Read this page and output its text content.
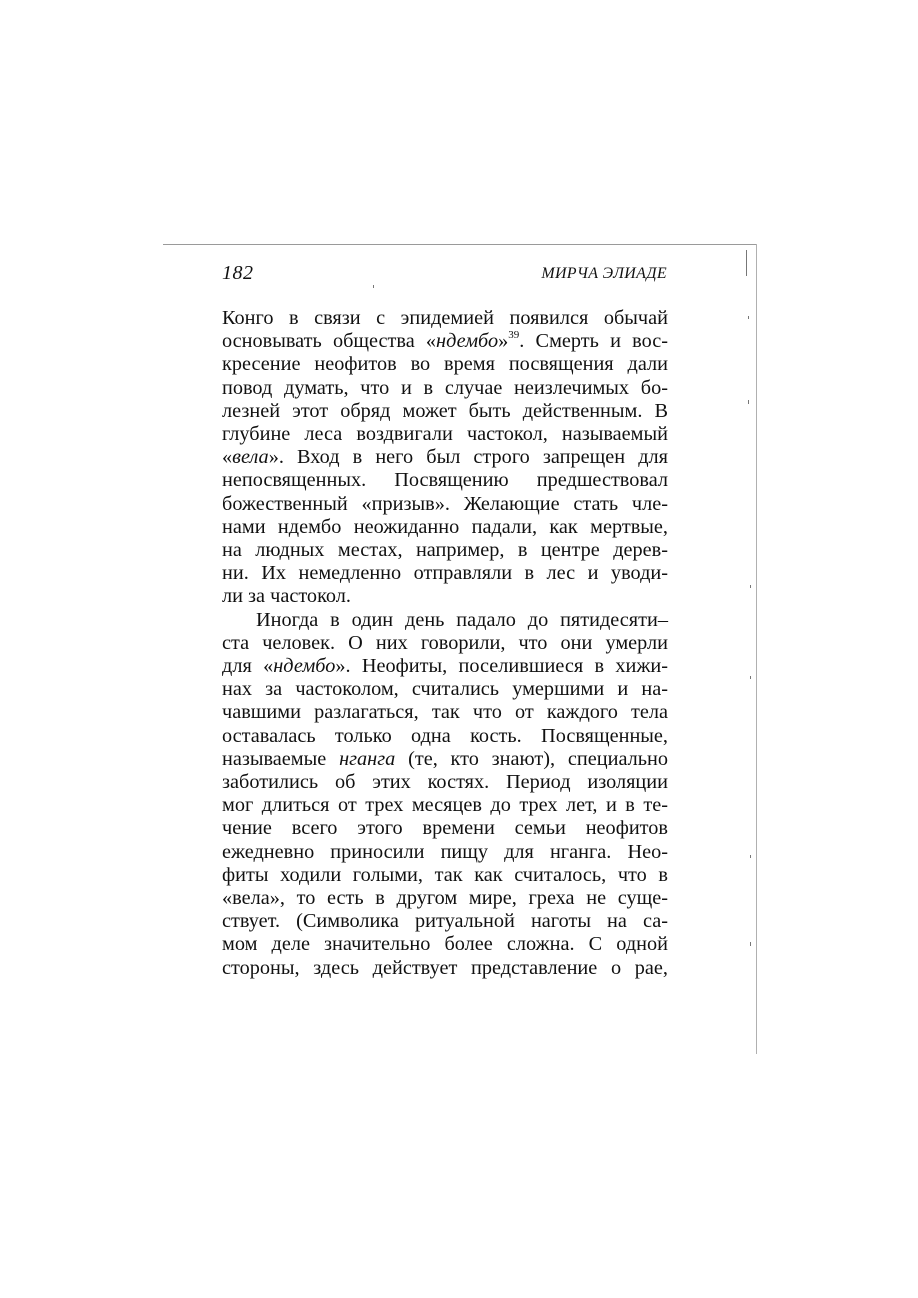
182	МИРЧА ЭЛИАДЕ
Конго в связи с эпидемией появился обычай
основывать общества «ндембо»$^{39}$. Смерть и вос-
кресение неофитов во время посвящения дали
повод думать, что и в случае неизлечимых бо-
лезней этот обряд может быть действенным. В
глубине леса воздвигали частокол, называемый
«вела». Вход в него был строго запрещен для
непосвященных. Посвящению предшествовал
божественный «призыв». Желающие стать чле-
нами ндембо неожиданно падали, как мертвые,
на людных местах, например, в центре дерев-
ни. Их немедленно отправляли в лес и уводи-
ли за частокол.
Иногда в один день падало до пятидесяти–
ста человек. О них говорили, что они умерли
для «ндембо». Неофиты, поселившиеся в хижи-
нах за частоколом, считались умершими и на-
чавшими разлагаться, так что от каждого тела
оставалась только одна кость. Посвященные,
называемые нганга (те, кто знают), специально
заботились об этих костях. Период изоляции
мог длиться от трех месяцев до трех лет, и в те-
чение всего этого времени семьи неофитов
ежедневно приносили пищу для нганга. Нео-
фиты ходили голыми, так как считалось, что в
«вела», то есть в другом мире, греха не суще-
ствует. (Символика ритуальной наготы на са-
мом деле значительно более сложна. С одной
стороны, здесь действует представление о рае,
